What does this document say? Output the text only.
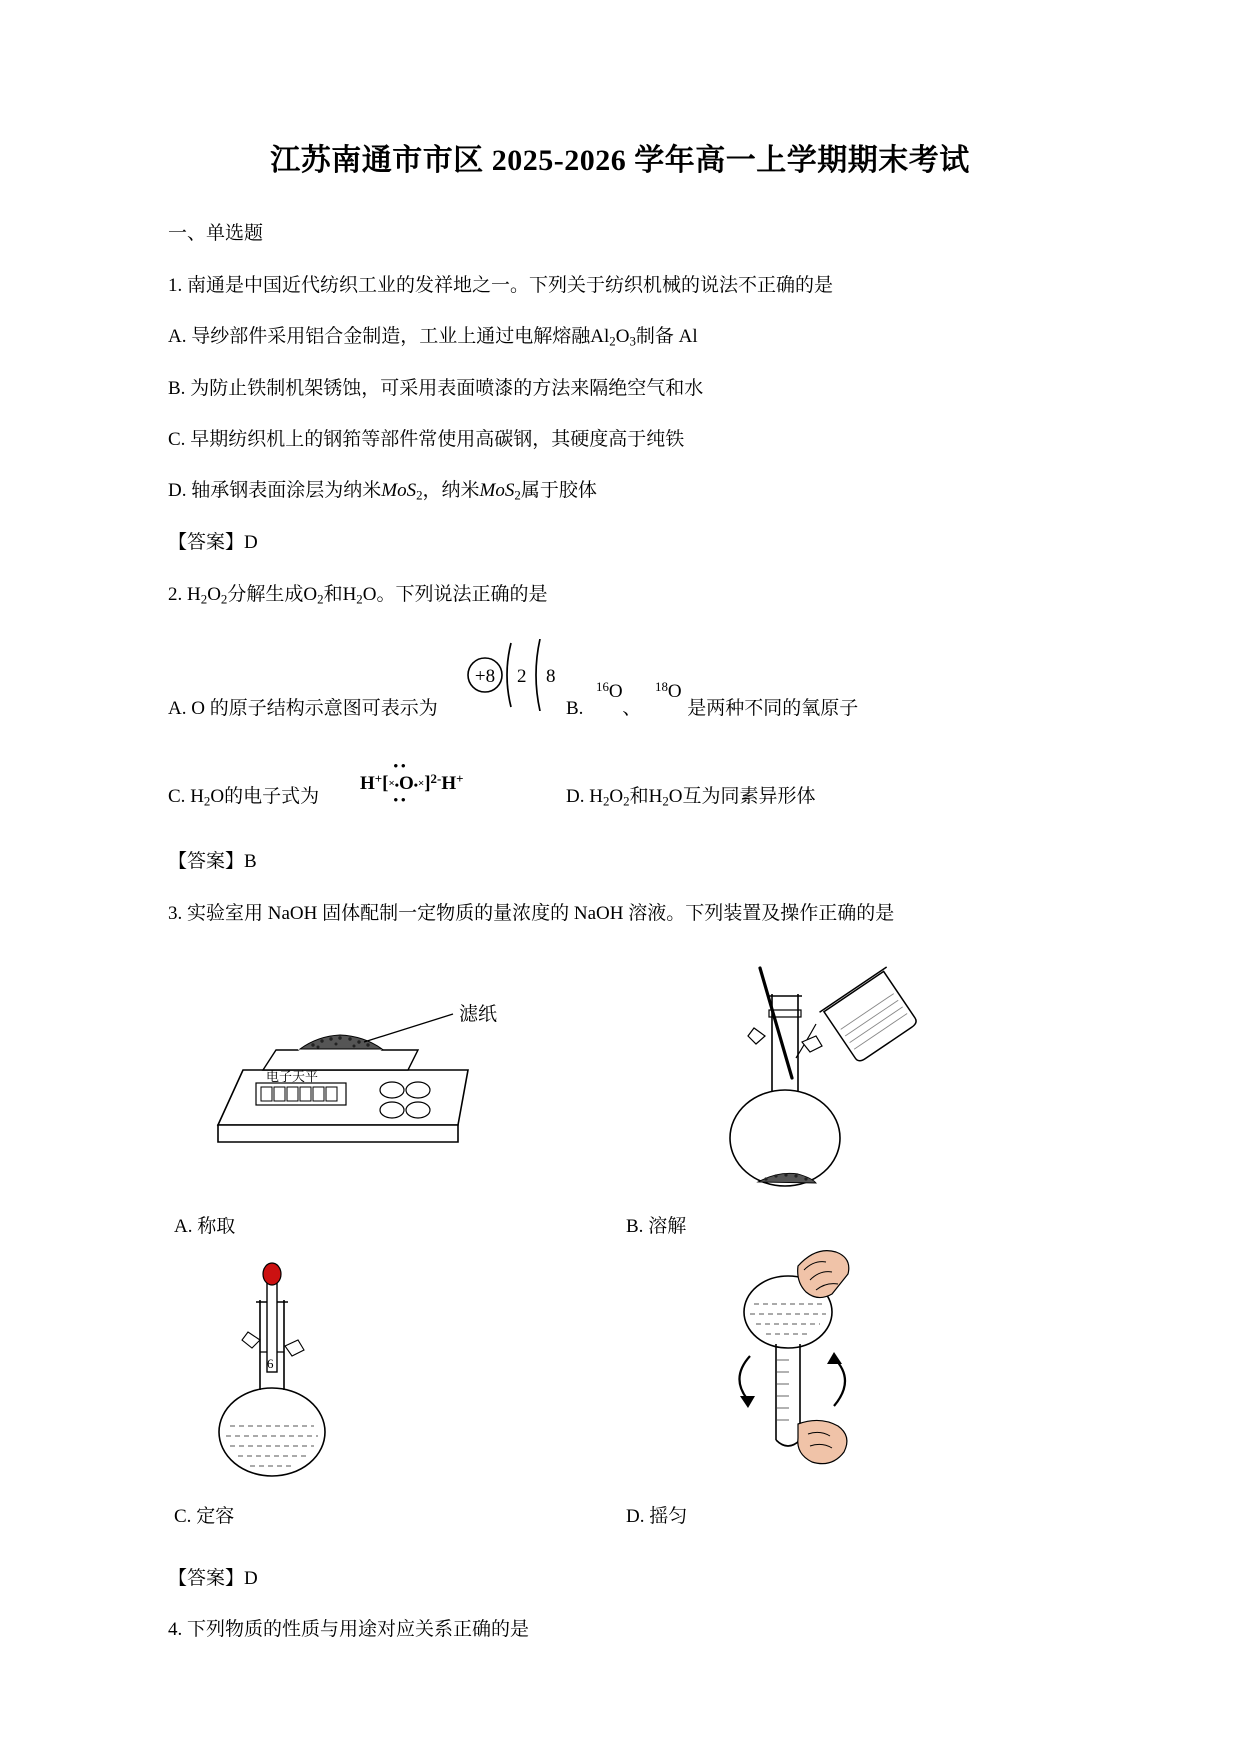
江苏南通市市区 2025-2026 学年高一上学期期末考试
一、单选题
1. 南通是中国近代纺织工业的发祥地之一。下列关于纺织机械的说法不正确的是
A. 导纱部件采用铝合金制造，工业上通过电解熔融$Al_2O_3$制备 Al
B. 为防止铁制机架锈蚀，可采用表面喷漆的方法来隔绝空气和水
C. 早期纺织机上的钢筘等部件常使用高碳钢，其硬度高于纯铁
D. 轴承钢表面涂层为纳米MoS$_2$，纳米MoS$_2$属于胶体
【答案】D
2. $H_2O_2$分解生成$O_2$和$H_2O$。下列说法正确的是
A. O 的原子结构示意图可表示为
+8 2 8	$^{16}$O	$^{18}$O
B. 、 是两种不同的氧原子
C. $H_2O$的电子式为
••
••
H+[×•O•×]$^{2-}$H+
D. $H_2O_2$和$H_2O$互为同素异形体
【答案】B
3. 实验室用 NaOH 固体配制一定物质的量浓度的 NaOH 溶液。下列装置及操作正确的是
滤纸
电子天平
A. 称取	B. 溶解
6
C. 定容	D. 摇匀
【答案】D
4. 下列物质的性质与用途对应关系正确的是
